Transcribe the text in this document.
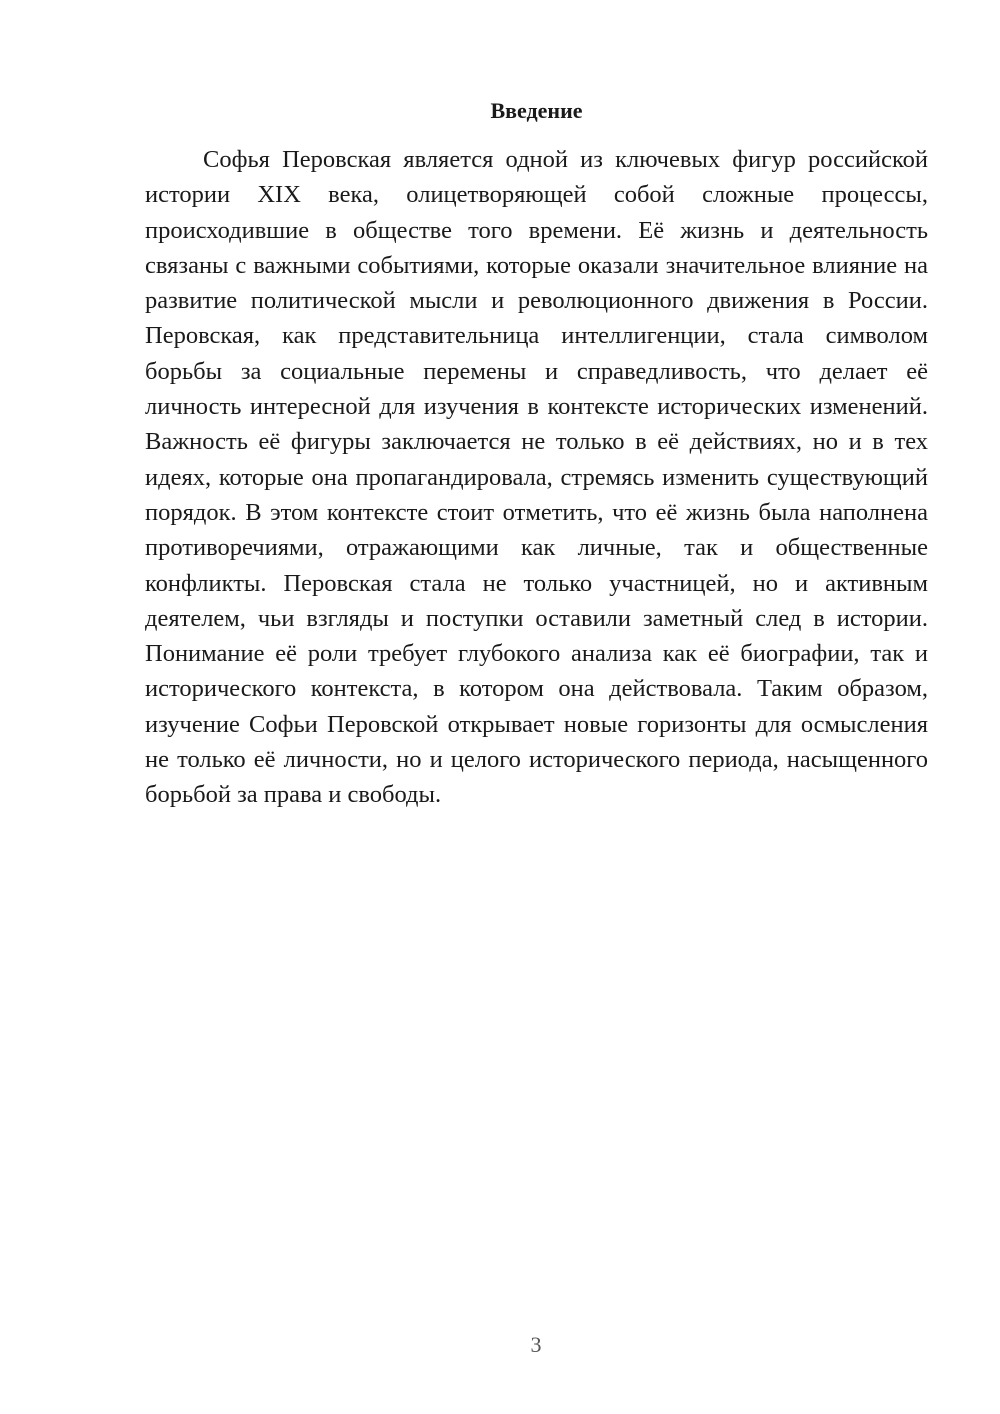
Введение

Софья Перовская является одной из ключевых фигур российской истории XIX века, олицетворяющей собой сложные процессы, происходившие в обществе того времени. Её жизнь и деятельность связаны с важными событиями, которые оказали значительное влияние на развитие политической мысли и революционного движения в России. Перовская, как представительница интеллигенции, стала символом борьбы за социальные перемены и справедливость, что делает её личность интересной для изучения в контексте исторических изменений. Важность её фигуры заключается не только в её действиях, но и в тех идеях, которые она пропагандировала, стремясь изменить существующий порядок. В этом контексте стоит отметить, что её жизнь была наполнена противоречиями, отражающими как личные, так и общественные конфликты. Перовская стала не только участницей, но и активным деятелем, чьи взгляды и поступки оставили заметный след в истории. Понимание её роли требует глубокого анализа как её биографии, так и исторического контекста, в котором она действовала. Таким образом, изучение Софьи Перовской открывает новые горизонты для осмысления не только её личности, но и целого исторического периода, насыщенного борьбой за права и свободы.

3
